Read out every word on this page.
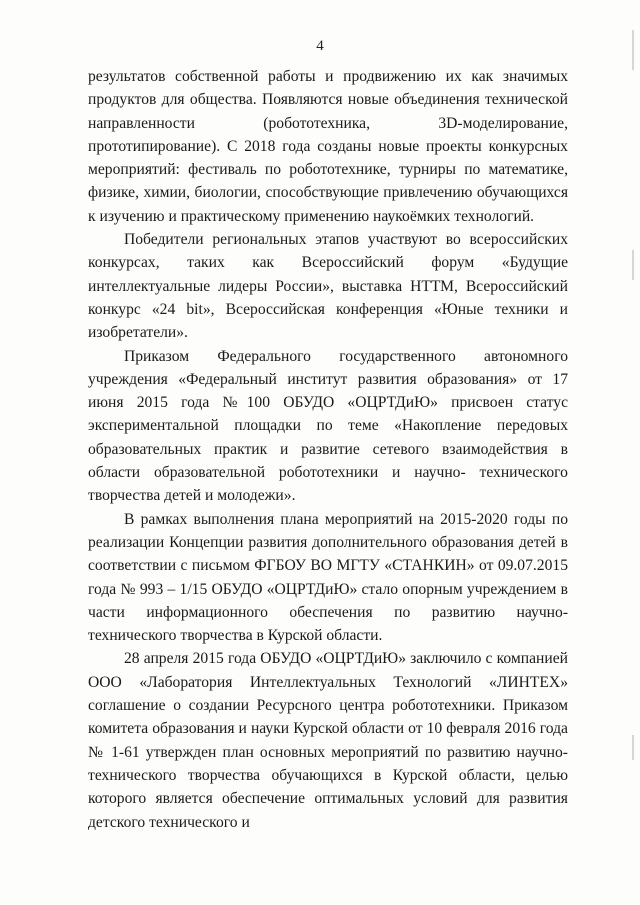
4

результатов собственной работы и продвижению их как значимых продуктов для общества. Появляются новые объединения технической направленности (робототехника, 3D-моделирование, прототипирование). С 2018 года созданы новые проекты конкурсных мероприятий: фестиваль по робототехнике, турниры по математике, физике, химии, биологии, способствующие привлечению обучающихся к изучению и практическому применению наукоёмких технологий.

Победители региональных этапов участвуют во всероссийских конкурсах, таких как Всероссийский форум «Будущие интеллектуальные лидеры России», выставка НТТМ, Всероссийский конкурс «24 bit», Всероссийская конференция «Юные техники и изобретатели».

Приказом Федерального государственного автономного учреждения «Федеральный институт развития образования» от 17 июня 2015 года №100 ОБУДО «ОЦРТДиЮ» присвоен статус экспериментальной площадки по теме «Накопление передовых образовательных практик и развитие сетевого взаимодействия в области образовательной робототехники и научно- технического творчества детей и молодежи».

В рамках выполнения плана мероприятий на 2015-2020 годы по реализации Концепции развития дополнительного образования детей в соответствии с письмом ФГБОУ ВО МГТУ «СТАНКИН» от 09.07.2015 года № 993 – 1/15 ОБУДО «ОЦРТДиЮ» стало опорным учреждением в части информационного обеспечения по развитию научно-технического творчества в Курской области.

28 апреля 2015 года ОБУДО «ОЦРТДиЮ» заключило с компанией ООО «Лаборатория Интеллектуальных Технологий «ЛИНТЕХ» соглашение о создании Ресурсного центра робототехники. Приказом комитета образования и науки Курской области от 10 февраля 2016 года № 1-61 утвержден план основных мероприятий по развитию научно-технического творчества обучающихся в Курской области, целью которого является обеспечение оптимальных условий для развития детского технического и
